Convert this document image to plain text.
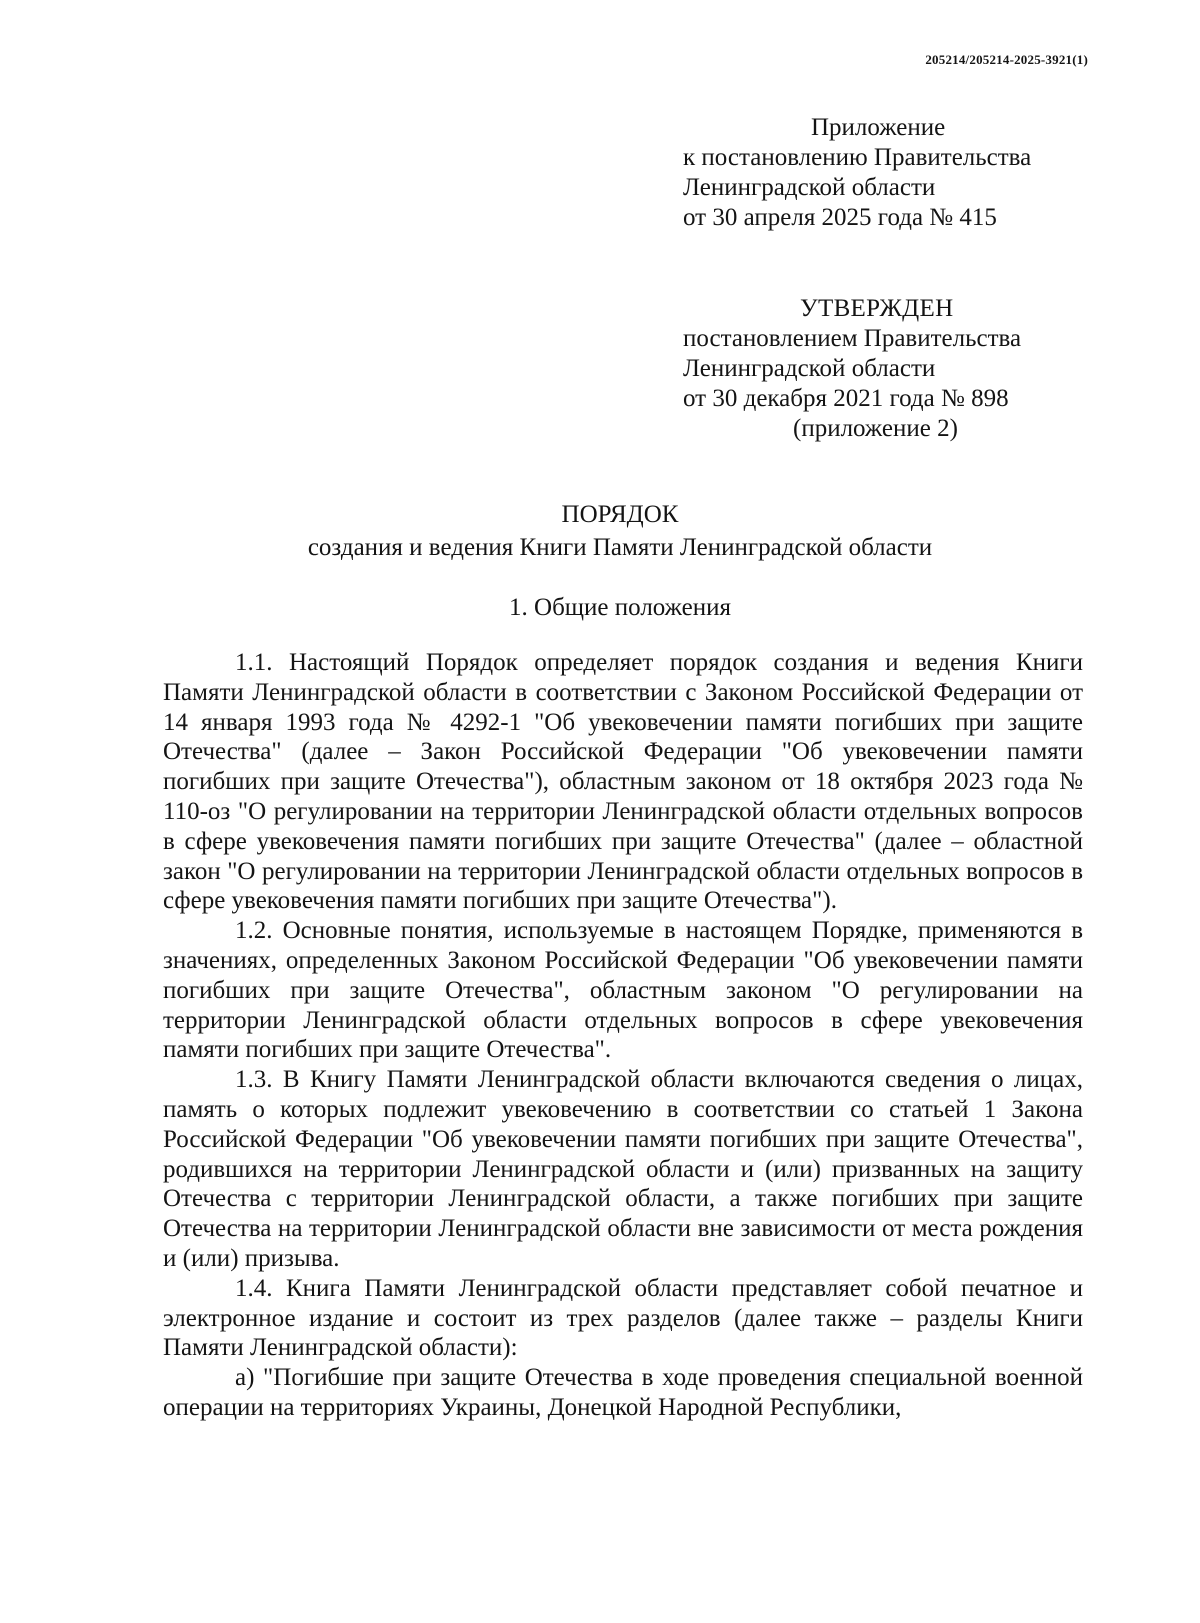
205214/205214-2025-3921(1)
Приложение
к постановлению Правительства
Ленинградской области
от 30 апреля 2025 года № 415
УТВЕРЖДЕН
постановлением Правительства
Ленинградской области
от 30 декабря 2021 года № 898
(приложение 2)
ПОРЯДОК
создания и ведения Книги Памяти Ленинградской области
1. Общие положения

1.1. Настоящий Порядок определяет порядок создания и ведения Книги Памяти Ленинградской области в соответствии с Законом Российской Федерации от 14 января 1993 года № 4292-1 "Об увековечении памяти погибших при защите Отечества" (далее – Закон Российской Федерации "Об увековечении памяти погибших при защите Отечества"), областным законом от 18 октября 2023 года № 110-оз "О регулировании на территории Ленинградской области отдельных вопросов в сфере увековечения памяти погибших при защите Отечества" (далее – областной закон "О регулировании на территории Ленинградской области отдельных вопросов в сфере увековечения памяти погибших при защите Отечества").

1.2. Основные понятия, используемые в настоящем Порядке, применяются в значениях, определенных Законом Российской Федерации "Об увековечении памяти погибших при защите Отечества", областным законом "О регулировании на территории Ленинградской области отдельных вопросов в сфере увековечения памяти погибших при защите Отечества".

1.3. В Книгу Памяти Ленинградской области включаются сведения о лицах, память о которых подлежит увековечению в соответствии со статьей 1 Закона Российской Федерации "Об увековечении памяти погибших при защите Отечества", родившихся на территории Ленинградской области и (или) призванных на защиту Отечества с территории Ленинградской области, а также погибших при защите Отечества на территории Ленинградской области вне зависимости от места рождения и (или) призыва.

1.4. Книга Памяти Ленинградской области представляет собой печатное и электронное издание и состоит из трех разделов (далее также – разделы Книги Памяти Ленинградской области):

а) "Погибшие при защите Отечества в ходе проведения специальной военной операции на территориях Украины, Донецкой Народной Республики,
